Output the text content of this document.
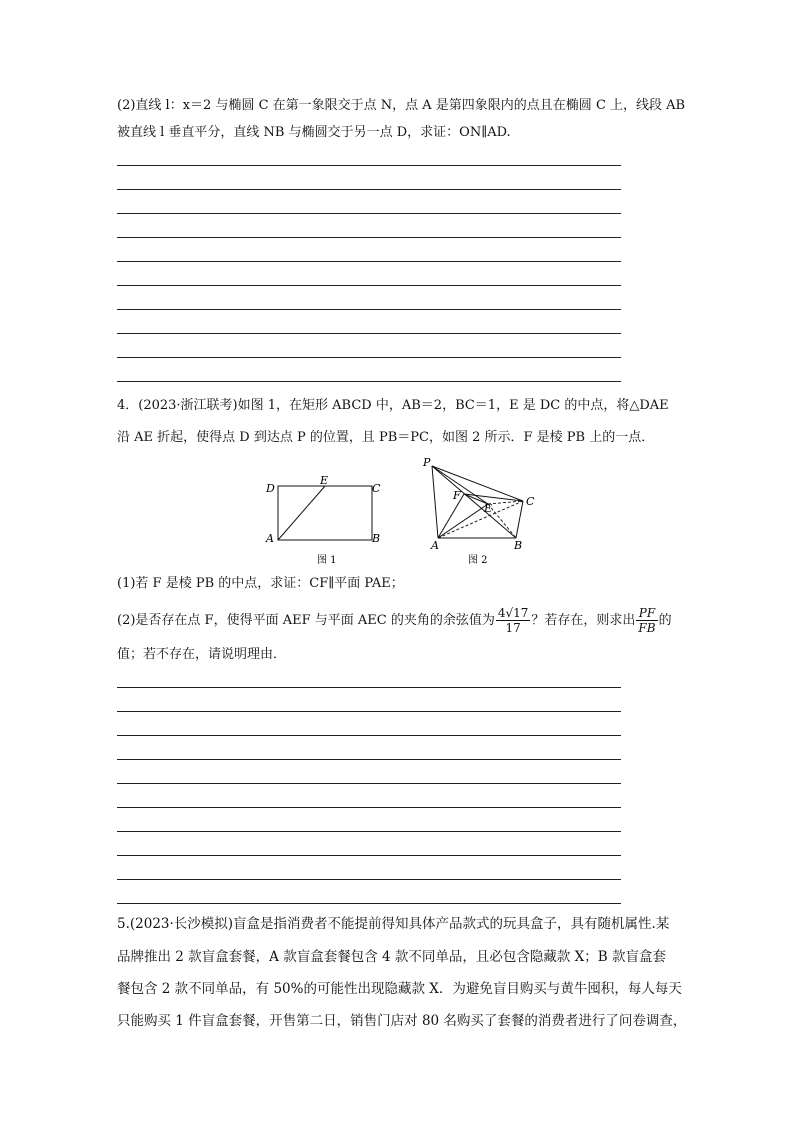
(2)直线 l：x＝2 与椭圆 C 在第一象限交于点 N，点 A 是第四象限内的点且在椭圆 C 上，线段 AB

被直线 l 垂直平分，直线 NB 与椭圆交于另一点 D，求证：ON∥AD.

4．(2023·浙江联考)如图 1，在矩形 ABCD 中，AB＝2，BC＝1，E 是 DC 的中点，将△DAE

沿 AE 折起，使得点 D 到达点 P 的位置，且 PB＝PC，如图 2 所示．F 是棱 PB 上的一点．

D
E
C
A	B
图 1
P
F
E
C
A	B
图 2

(1)若 F 是棱 PB 的中点，求证：CF∥平面 PAE；

(2)是否存在点 F，使得平面 AEF 与平面 AEC 的夹角的余弦值为 $\frac{4√17}{17}$ ？若存在，则求出 $\frac{PF}{FB}$ 的

值；若不存在，请说明理由．

5.(2023·长沙模拟)盲盒是指消费者不能提前得知具体产品款式的玩具盒子，具有随机属性.某

品牌推出 2 款盲盒套餐，A 款盲盒套餐包含 4 款不同单品，且必包含隐藏款 X；B 款盲盒套

餐包含 2 款不同单品，有 50%的可能性出现隐藏款 X．为避免盲目购买与黄牛囤积，每人每天

只能购买 1 件盲盒套餐，开售第二日，销售门店对 80 名购买了套餐的消费者进行了问卷调查，
